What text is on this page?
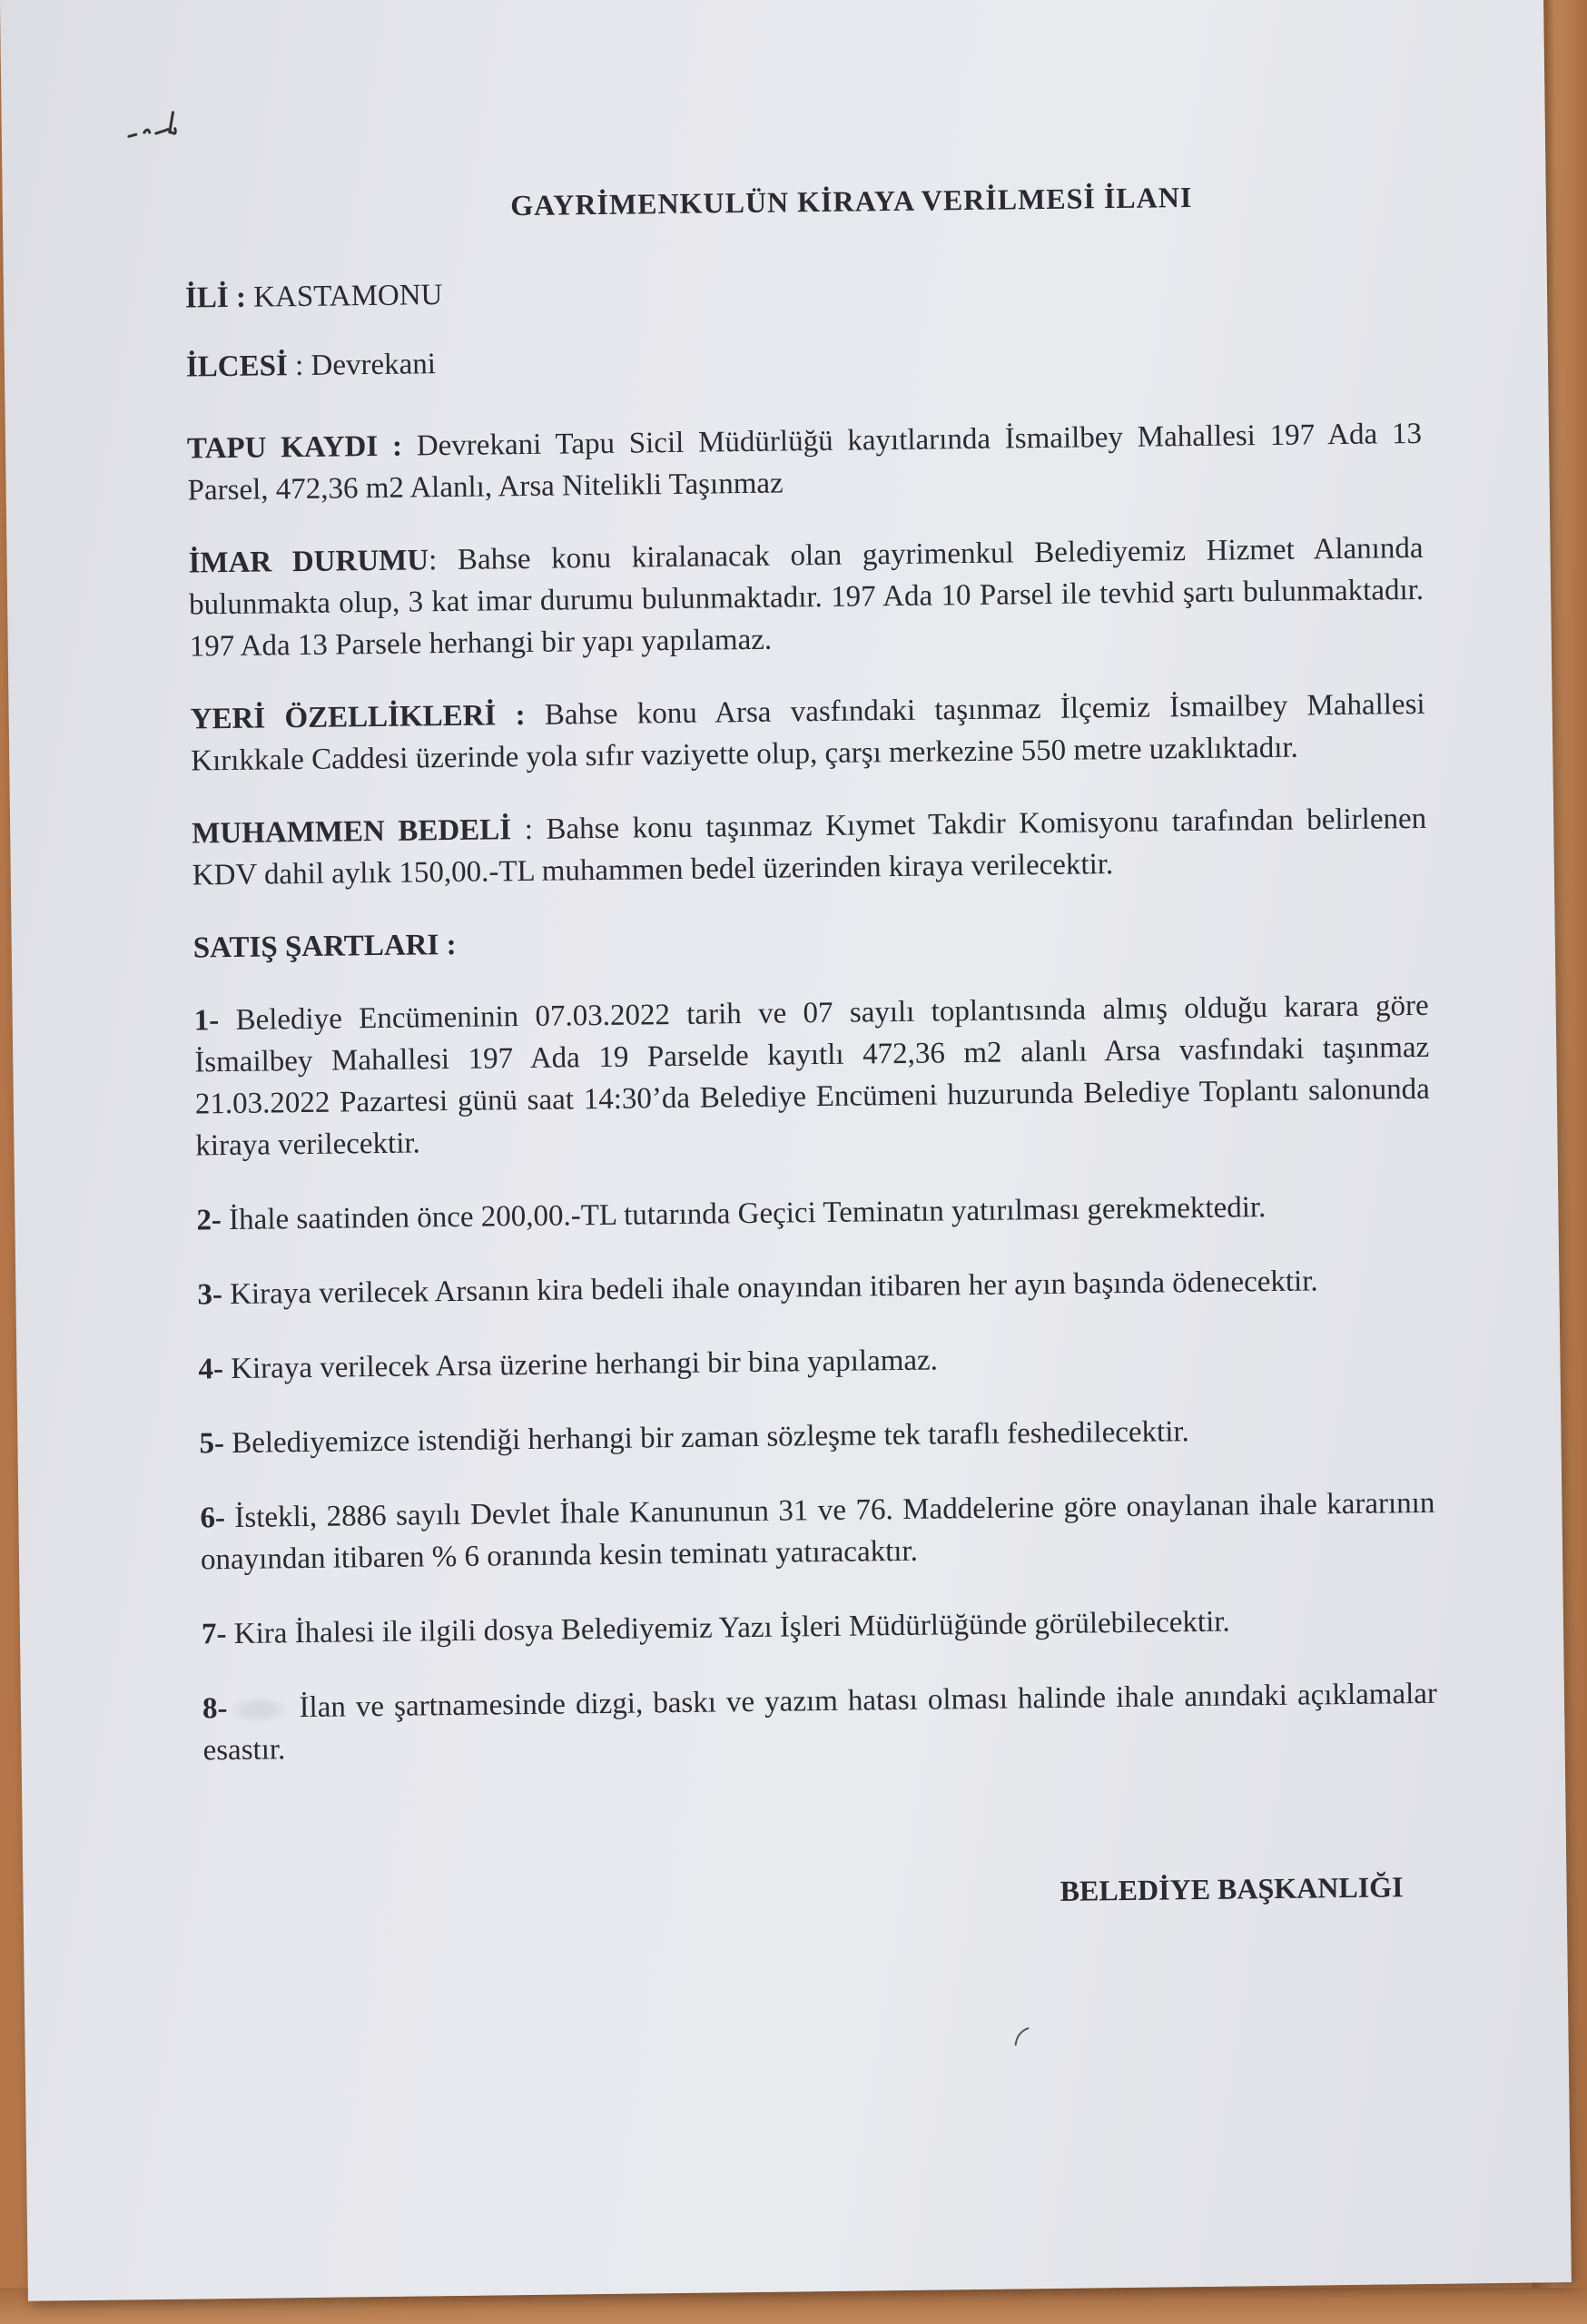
GAYRİMENKULÜN KİRAYA VERİLMESİ İLANI
İLİ : KASTAMONU
İLCESİ : Devrekani
TAPU KAYDI : Devrekani Tapu Sicil Müdürlüğü kayıtlarında İsmailbey Mahallesi 197 Ada 13 Parsel, 472,36 m2 Alanlı, Arsa Nitelikli Taşınmaz
İMAR DURUMU: Bahse konu kiralanacak olan gayrimenkul Belediyemiz Hizmet Alanında bulunmakta olup, 3 kat imar durumu bulunmaktadır. 197 Ada 10 Parsel ile tevhid şartı bulunmaktadır. 197 Ada 13 Parsele herhangi bir yapı yapılamaz.
YERİ ÖZELLİKLERİ : Bahse konu Arsa vasfındaki taşınmaz İlçemiz İsmailbey Mahallesi Kırıkkale Caddesi üzerinde yola sıfır vaziyette olup, çarşı merkezine 550 metre uzaklıktadır.
MUHAMMEN BEDELİ : Bahse konu taşınmaz Kıymet Takdir Komisyonu tarafından belirlenen KDV dahil aylık 150,00.-TL muhammen bedel üzerinden kiraya verilecektir.
SATIŞ ŞARTLARI :
1- Belediye Encümeninin 07.03.2022 tarih ve 07 sayılı toplantısında almış olduğu karara göre İsmailbey Mahallesi 197 Ada 19 Parselde kayıtlı 472,36 m2 alanlı Arsa vasfındaki taşınmaz 21.03.2022 Pazartesi günü saat 14:30’da Belediye Encümeni huzurunda Belediye Toplantı salonunda kiraya verilecektir.
2- İhale saatinden önce 200,00.-TL tutarında Geçici Teminatın yatırılması gerekmektedir.
3- Kiraya verilecek Arsanın kira bedeli ihale onayından itibaren her ayın başında ödenecektir.
4- Kiraya verilecek Arsa üzerine herhangi bir bina yapılamaz.
5- Belediyemizce istendiği herhangi bir zaman sözleşme tek taraflı feshedilecektir.
6- İstekli, 2886 sayılı Devlet İhale Kanununun 31 ve 76. Maddelerine göre onaylanan ihale kararının onayından itibaren % 6 oranında kesin teminatı yatıracaktır.
7- Kira İhalesi ile ilgili dosya Belediyemiz Yazı İşleri Müdürlüğünde görülebilecektir.
8- İlan ve şartnamesinde dizgi, baskı ve yazım hatası olması halinde ihale anındaki açıklamalar esastır.
BELEDİYE BAŞKANLIĞI
